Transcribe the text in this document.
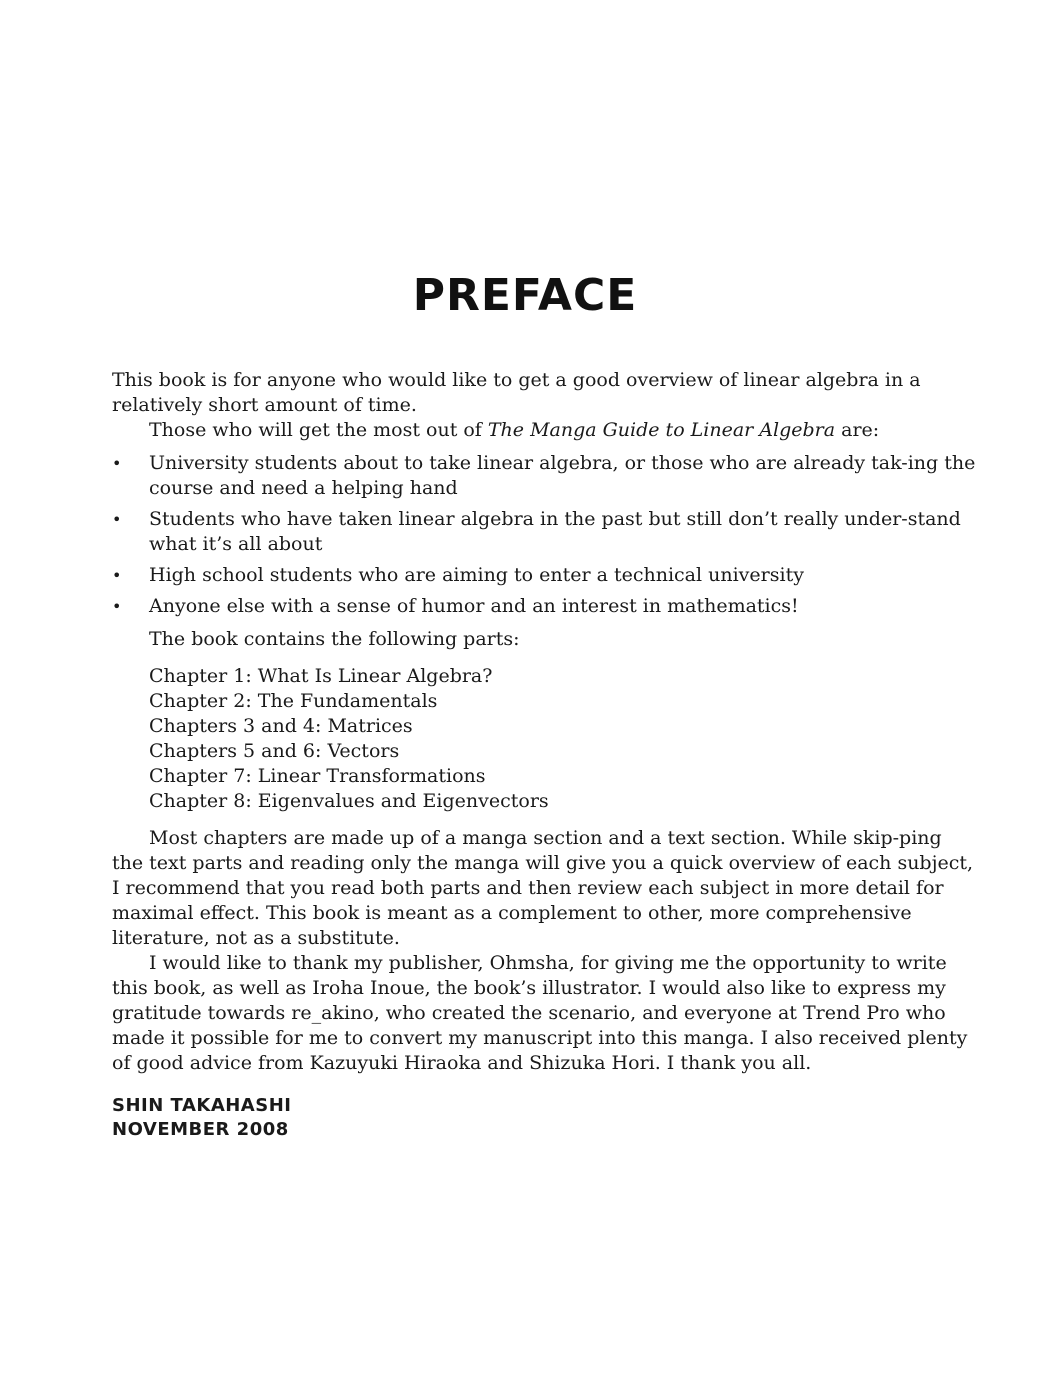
PREFACE

This book is for anyone who would like to get a good overview of linear algebra in a relatively short amount of time.

Those who will get the most out of The Manga Guide to Linear Algebra are:

• University students about to take linear algebra, or those who are already tak-ing the course and need a helping hand
• Students who have taken linear algebra in the past but still don’t really under-stand what it’s all about
• High school students who are aiming to enter a technical university
• Anyone else with a sense of humor and an interest in mathematics!

The book contains the following parts:

Chapter 1: What Is Linear Algebra?
Chapter 2: The Fundamentals
Chapters 3 and 4: Matrices
Chapters 5 and 6: Vectors
Chapter 7: Linear Transformations
Chapter 8: Eigenvalues and Eigenvectors

Most chapters are made up of a manga section and a text section. While skip-ping the text parts and reading only the manga will give you a quick overview of each subject, I recommend that you read both parts and then review each subject in more detail for maximal effect. This book is meant as a complement to other, more comprehensive literature, not as a substitute.

I would like to thank my publisher, Ohmsha, for giving me the opportunity to write this book, as well as Iroha Inoue, the book’s illustrator. I would also like to express my gratitude towards re_akino, who created the scenario, and everyone at Trend Pro who made it possible for me to convert my manuscript into this manga. I also received plenty of good advice from Kazuyuki Hiraoka and Shizuka Hori. I thank you all.

SHIN TAKAHASHI
NOVEMBER 2008
